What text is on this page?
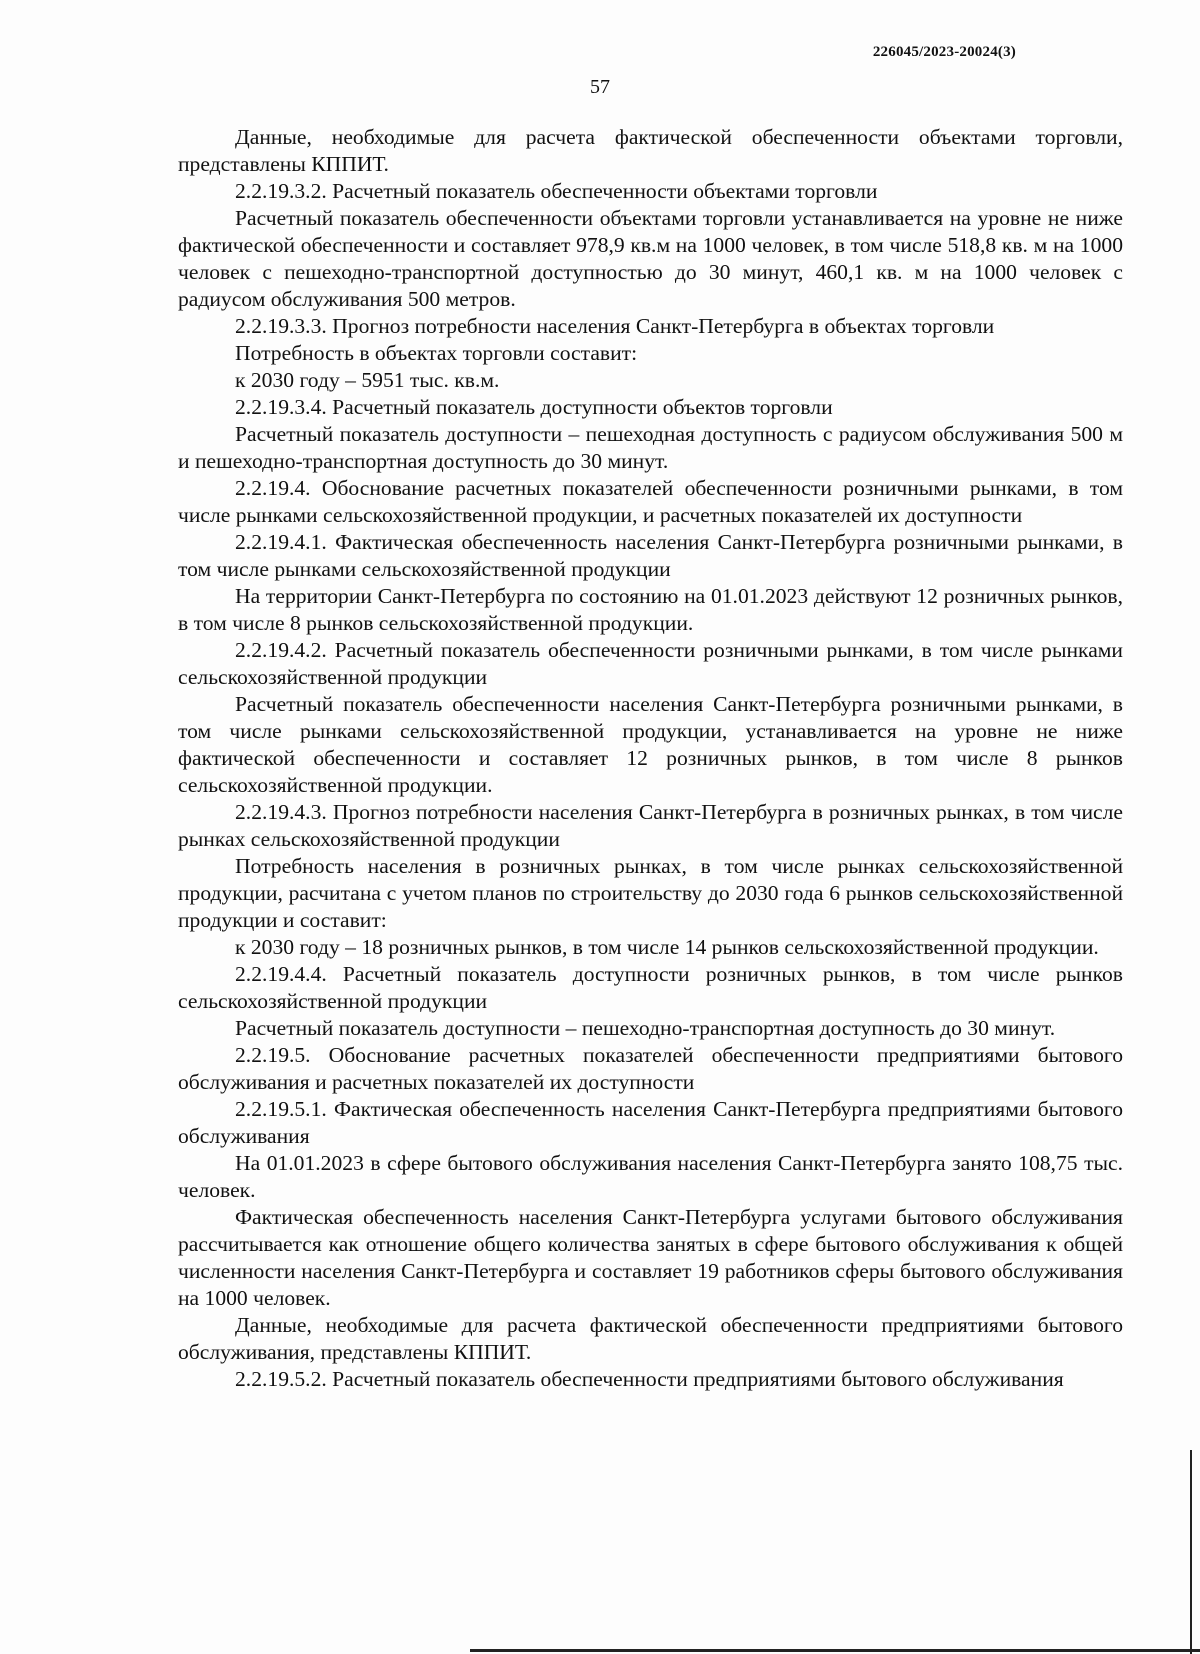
226045/2023-20024(3)
57

Данные, необходимые для расчета фактической обеспеченности объектами торговли, представлены КППИТ.

2.2.19.3.2. Расчетный показатель обеспеченности объектами торговли

Расчетный показатель обеспеченности объектами торговли устанавливается на уровне не ниже фактической обеспеченности и составляет 978,9 кв.м на 1000 человек, в том числе 518,8 кв. м на 1000 человек с пешеходно-транспортной доступностью до 30 минут, 460,1 кв. м на 1000 человек с радиусом обслуживания 500 метров.

2.2.19.3.3. Прогноз потребности населения Санкт-Петербурга в объектах торговли

Потребность в объектах торговли составит:

к 2030 году – 5951 тыс. кв.м.

2.2.19.3.4. Расчетный показатель доступности объектов торговли

Расчетный показатель доступности – пешеходная доступность с радиусом обслуживания 500 м и пешеходно-транспортная доступность до 30 минут.

2.2.19.4. Обоснование расчетных показателей обеспеченности розничными рынками, в том числе рынками сельскохозяйственной продукции, и расчетных показателей их доступности

2.2.19.4.1. Фактическая обеспеченность населения Санкт-Петербурга розничными рынками, в том числе рынками сельскохозяйственной продукции

На территории Санкт-Петербурга по состоянию на 01.01.2023 действуют 12 розничных рынков, в том числе 8 рынков сельскохозяйственной продукции.

2.2.19.4.2. Расчетный показатель обеспеченности розничными рынками, в том числе рынками сельскохозяйственной продукции

Расчетный показатель обеспеченности населения Санкт-Петербурга розничными рынками, в том числе рынками сельскохозяйственной продукции, устанавливается на уровне не ниже фактической обеспеченности и составляет 12 розничных рынков, в том числе 8 рынков сельскохозяйственной продукции.

2.2.19.4.3. Прогноз потребности населения Санкт-Петербурга в розничных рынках, в том числе рынках сельскохозяйственной продукции

Потребность населения в розничных рынках, в том числе рынках сельскохозяйственной продукции, расчитана с учетом планов по строительству до 2030 года 6 рынков сельскохозяйственной продукции и составит:

к 2030 году – 18 розничных рынков, в том числе 14 рынков сельскохозяйственной продукции.

2.2.19.4.4. Расчетный показатель доступности розничных рынков, в том числе рынков сельскохозяйственной продукции

Расчетный показатель доступности – пешеходно-транспортная доступность до 30 минут.

2.2.19.5. Обоснование расчетных показателей обеспеченности предприятиями бытового обслуживания и расчетных показателей их доступности

2.2.19.5.1. Фактическая обеспеченность населения Санкт-Петербурга предприятиями бытового обслуживания

На 01.01.2023 в сфере бытового обслуживания населения Санкт-Петербурга занято 108,75 тыс. человек.

Фактическая обеспеченность населения Санкт-Петербурга услугами бытового обслуживания рассчитывается как отношение общего количества занятых в сфере бытового обслуживания к общей численности населения Санкт-Петербурга и составляет 19 работников сферы бытового обслуживания на 1000 человек.

Данные, необходимые для расчета фактической обеспеченности предприятиями бытового обслуживания, представлены КППИТ.

2.2.19.5.2. Расчетный показатель обеспеченности предприятиями бытового обслуживания
